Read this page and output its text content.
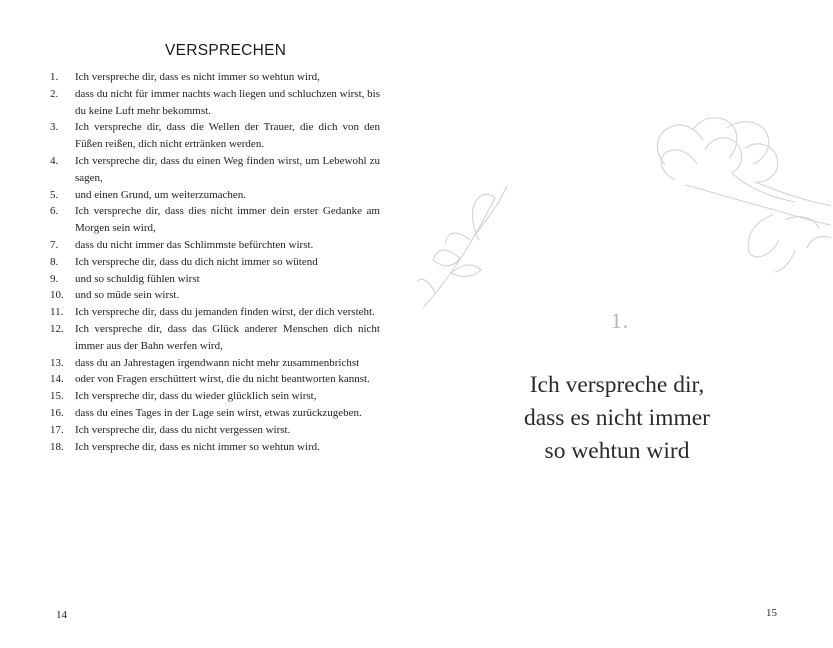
VERSPRECHEN
1. Ich verspreche dir, dass es nicht immer so wehtun wird,
2. dass du nicht für immer nachts wach liegen und schluchzen wirst, bis du keine Luft mehr bekommst.
3. Ich verspreche dir, dass die Wellen der Trauer, die dich von den Füßen reißen, dich nicht ertränken werden.
4. Ich verspreche dir, dass du einen Weg finden wirst, um Lebewohl zu sagen,
5. und einen Grund, um weiterzumachen.
6. Ich verspreche dir, dass dies nicht immer dein erster Gedanke am Morgen sein wird,
7. dass du nicht immer das Schlimmste befürchten wirst.
8. Ich verspreche dir, dass du dich nicht immer so wütend
9. und so schuldig fühlen wirst
10. und so müde sein wirst.
11. Ich verspreche dir, dass du jemanden finden wirst, der dich versteht.
12. Ich verspreche dir, dass das Glück anderer Menschen dich nicht immer aus der Bahn werfen wird,
13. dass du an Jahrestagen irgendwann nicht mehr zusammenbrichst
14. oder von Fragen erschüttert wirst, die du nicht beantworten kannst.
15. Ich verspreche dir, dass du wieder glücklich sein wirst,
16. dass du eines Tages in der Lage sein wirst, etwas zurückzugeben.
17. Ich verspreche dir, dass du nicht vergessen wirst.
18. Ich verspreche dir, dass es nicht immer so wehtun wird.
14
1.
Ich verspreche dir,
dass es nicht immer
so wehtun wird
15
